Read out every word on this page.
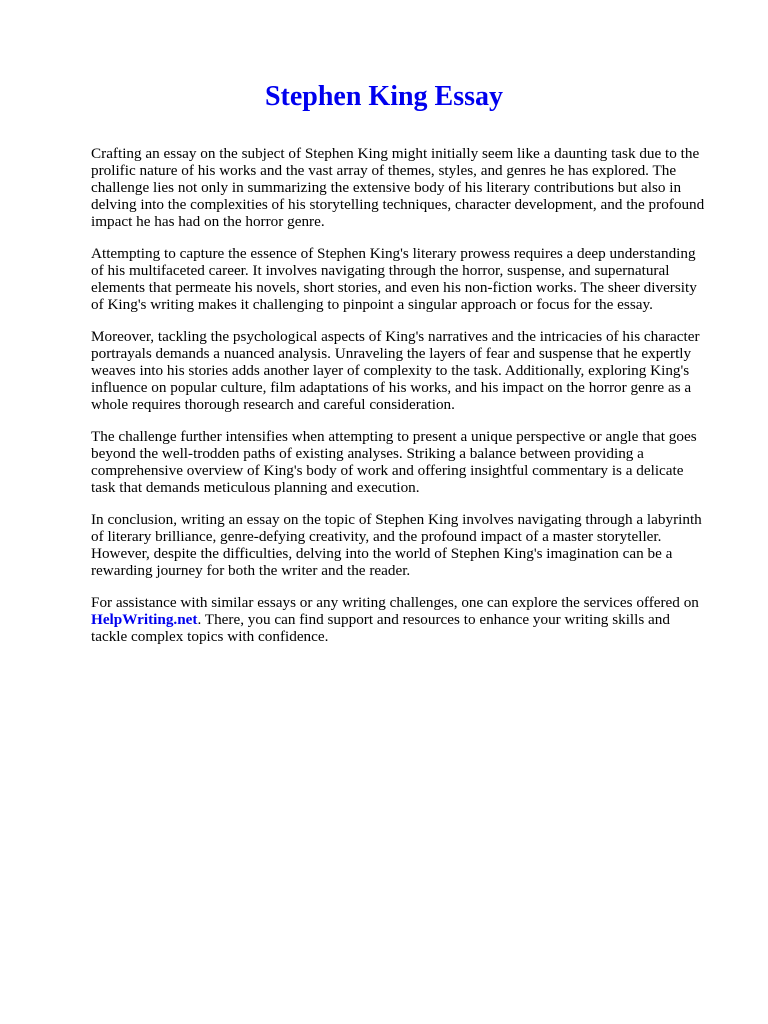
Stephen King Essay

Crafting an essay on the subject of Stephen King might initially seem like a daunting task due to the
prolific nature of his works and the vast array of themes, styles, and genres he has explored. The
challenge lies not only in summarizing the extensive body of his literary contributions but also in
delving into the complexities of his storytelling techniques, character development, and the profound
impact he has had on the horror genre.

Attempting to capture the essence of Stephen King's literary prowess requires a deep understanding
of his multifaceted career. It involves navigating through the horror, suspense, and supernatural
elements that permeate his novels, short stories, and even his non-fiction works. The sheer diversity
of King's writing makes it challenging to pinpoint a singular approach or focus for the essay.

Moreover, tackling the psychological aspects of King's narratives and the intricacies of his character
portrayals demands a nuanced analysis. Unraveling the layers of fear and suspense that he expertly
weaves into his stories adds another layer of complexity to the task. Additionally, exploring King's
influence on popular culture, film adaptations of his works, and his impact on the horror genre as a
whole requires thorough research and careful consideration.

The challenge further intensifies when attempting to present a unique perspective or angle that goes
beyond the well-trodden paths of existing analyses. Striking a balance between providing a
comprehensive overview of King's body of work and offering insightful commentary is a delicate
task that demands meticulous planning and execution.

In conclusion, writing an essay on the topic of Stephen King involves navigating through a labyrinth
of literary brilliance, genre-defying creativity, and the profound impact of a master storyteller.
However, despite the difficulties, delving into the world of Stephen King's imagination can be a
rewarding journey for both the writer and the reader.

For assistance with similar essays or any writing challenges, one can explore the services offered on
HelpWriting.net. There, you can find support and resources to enhance your writing skills and
tackle complex topics with confidence.
